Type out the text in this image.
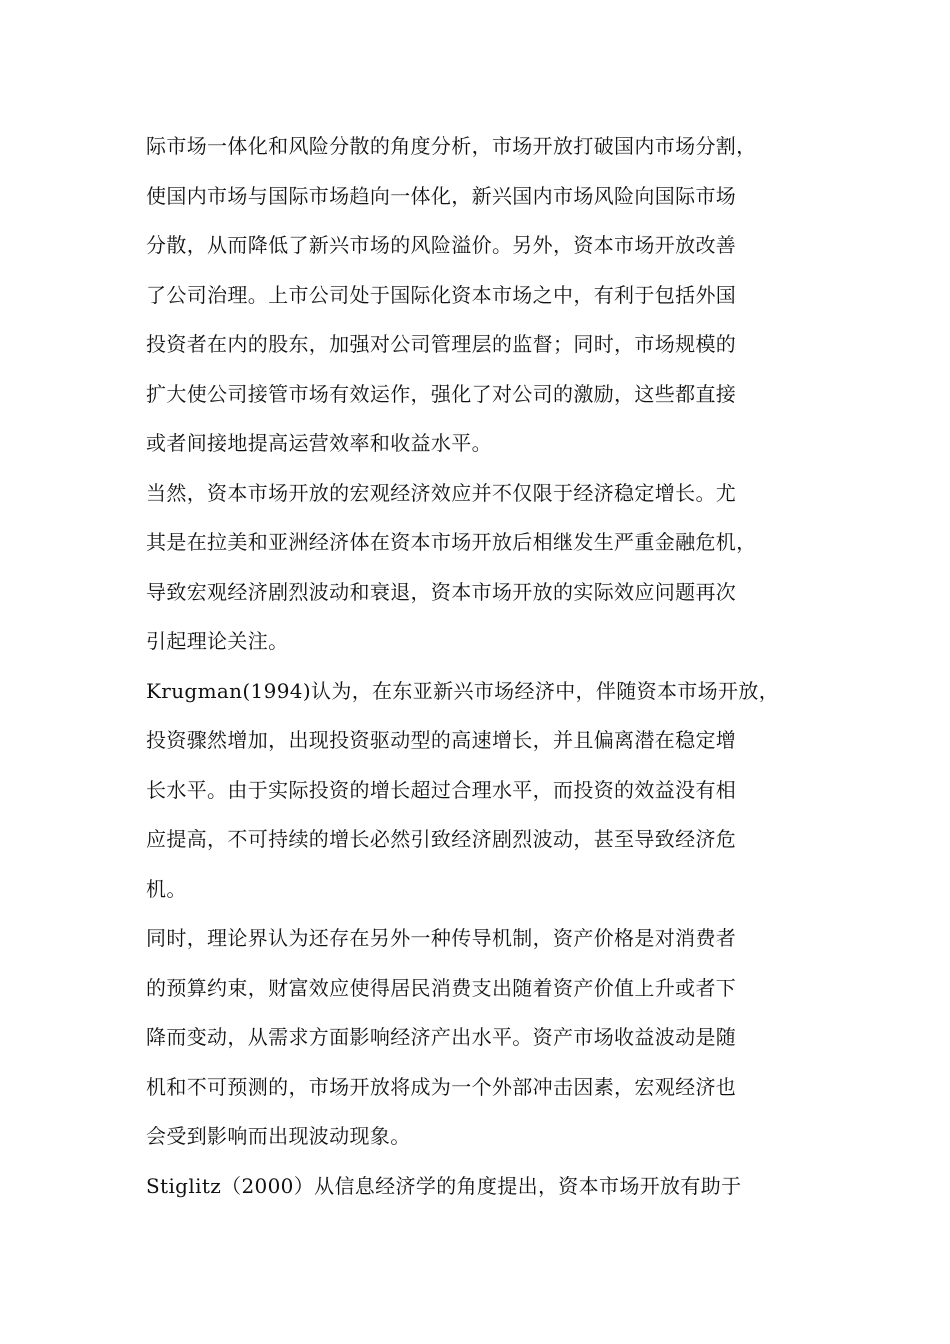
际市场一体化和风险分散的角度分析，市场开放打破国内市场分割，
使国内市场与国际市场趋向一体化，新兴国内市场风险向国际市场
分散，从而降低了新兴市场的风险溢价。另外，资本市场开放改善
了公司治理。上市公司处于国际化资本市场之中，有利于包括外国
投资者在内的股东，加强对公司管理层的监督；同时，市场规模的
扩大使公司接管市场有效运作，强化了对公司的激励，这些都直接
或者间接地提高运营效率和收益水平。
当然，资本市场开放的宏观经济效应并不仅限于经济稳定增长。尤
其是在拉美和亚洲经济体在资本市场开放后相继发生严重金融危机，
导致宏观经济剧烈波动和衰退，资本市场开放的实际效应问题再次
引起理论关注。
Krugman(1994)认为，在东亚新兴市场经济中，伴随资本市场开放，
投资骤然增加，出现投资驱动型的高速增长，并且偏离潜在稳定增
长水平。由于实际投资的增长超过合理水平，而投资的效益没有相
应提高，不可持续的增长必然引致经济剧烈波动，甚至导致经济危
机。
同时，理论界认为还存在另外一种传导机制，资产价格是对消费者
的预算约束，财富效应使得居民消费支出随着资产价值上升或者下
降而变动，从需求方面影响经济产出水平。资产市场收益波动是随
机和不可预测的，市场开放将成为一个外部冲击因素，宏观经济也
会受到影响而出现波动现象。
Stiglitz（2000）从信息经济学的角度提出，资本市场开放有助于
